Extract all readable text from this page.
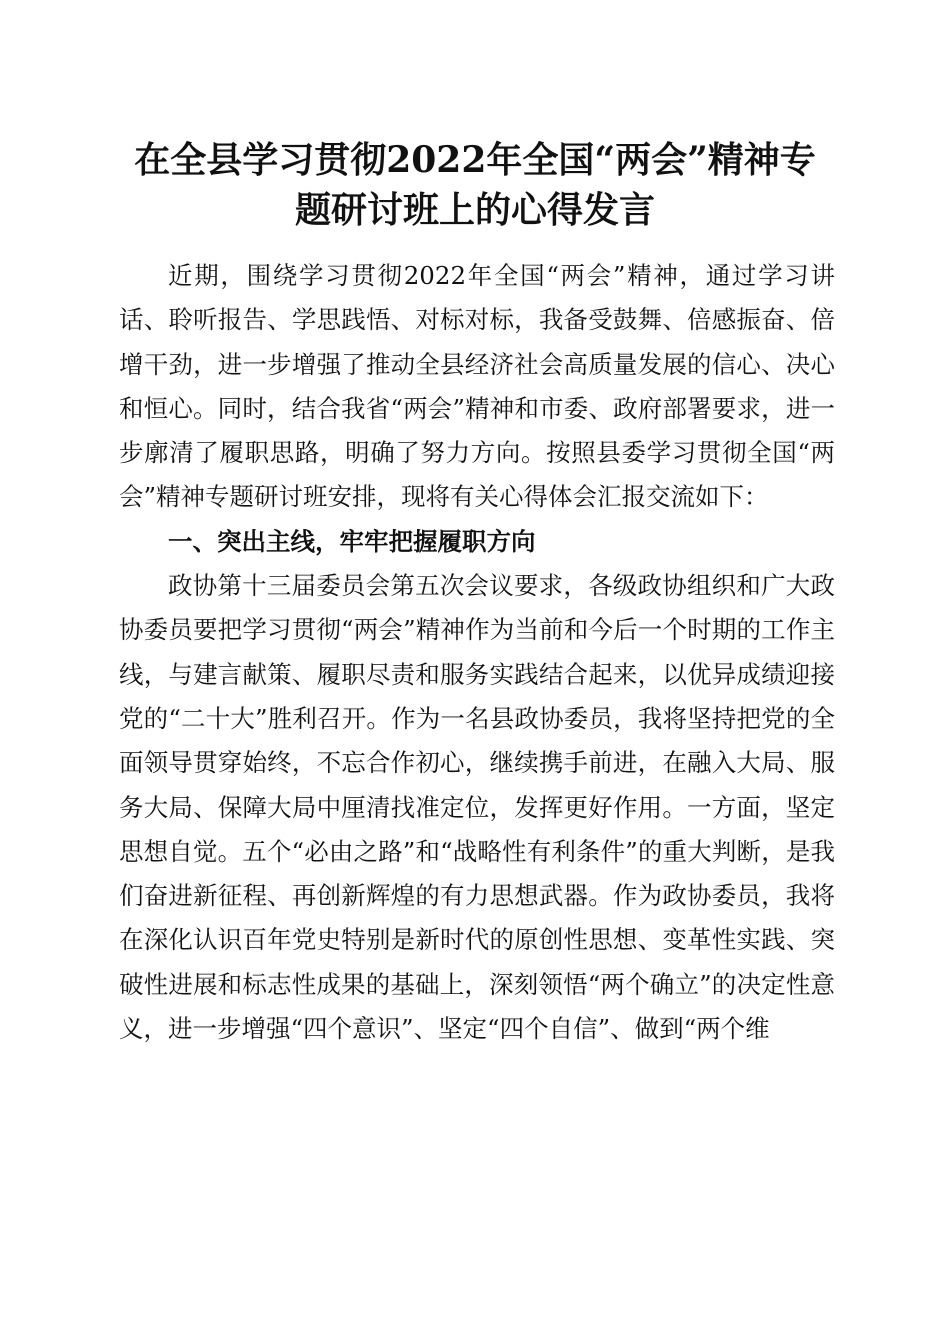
在全县学习贯彻2022年全国“两会”精神专
题研讨班上的心得发言

近期，围绕学习贯彻2022年全国“两会”精神，通过学习讲话、聆听报告、学思践悟、对标对标，我备受鼓舞、倍感振奋、倍增干劲，进一步增强了推动全县经济社会高质量发展的信心、决心和恒心。同时，结合我省“两会”精神和市委、政府部署要求，进一步廓清了履职思路，明确了努力方向。按照县委学习贯彻全国“两会”精神专题研讨班安排，现将有关心得体会汇报交流如下：

一、突出主线，牢牢把握履职方向

政协第十三届委员会第五次会议要求，各级政协组织和广大政协委员要把学习贯彻“两会”精神作为当前和今后一个时期的工作主线，与建言献策、履职尽责和服务实践结合起来，以优异成绩迎接党的“二十大”胜利召开。作为一名县政协委员，我将坚持把党的全面领导贯穿始终，不忘合作初心，继续携手前进，在融入大局、服务大局、保障大局中厘清找准定位，发挥更好作用。一方面，坚定思想自觉。五个“必由之路”和“战略性有利条件”的重大判断，是我们奋进新征程、再创新辉煌的有力思想武器。作为政协委员，我将在深化认识百年党史特别是新时代的原创性思想、变革性实践、突破性进展和标志性成果的基础上，深刻领悟“两个确立”的决定性意义，进一步增强“四个意识”、坚定“四个自信”、做到“两个维
